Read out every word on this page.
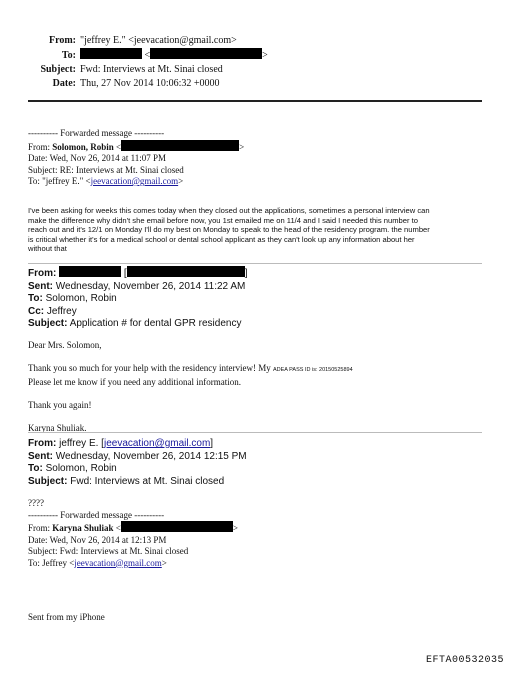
From: "jeffrey E." <jeevacation@gmail.com>
To:	<	>
Subject: Fwd: Interviews at Mt. Sinai closed
Date: Thu, 27 Nov 2014 10:06:32 +0000
---------- Forwarded message ----------
From: Solomon, Robin <	>
Date: Wed, Nov 26, 2014 at 11:07 PM
Subject: RE: Interviews at Mt. Sinai closed
To: "jeffrey E." <jeevacation@gmail.com>
I've been asking for weeks this comes today when they closed out the applications, sometimes a personal interview can
make the difference why didn't she email before now, you 1st emailed me on 11/4 and I said I needed this number to
reach out and it's 12/1 on Monday I'll do my best on Monday to speak to the head of the residency program. the number
is critical whether it's for a medical school or dental school applicant as they can't look up any information about her
without that
From:	[	]
Sent: Wednesday, November 26, 2014 11:22 AM
To: Solomon, Robin
Cc: Jeffrey
Subject: Application # for dental GPR residency
Dear Mrs. Solomon,
Thank you so much for your help with the residency interview! My ADEA PASS ID is: 20150525894
Please let me know if you need any additional information.
Thank you again!
Karyna Shuliak.
From: jeffrey E. [jeevacation@gmail.com]
Sent: Wednesday, November 26, 2014 12:15 PM
To: Solomon, Robin
Subject: Fwd: Interviews at Mt. Sinai closed
????
---------- Forwarded message ----------
From: Karyna Shuliak <	>
Date: Wed, Nov 26, 2014 at 12:13 PM
Subject: Fwd: Interviews at Mt. Sinai closed
To: Jeffrey <jeevacation@gmail.com>
Sent from my iPhone
EFTA00532035
